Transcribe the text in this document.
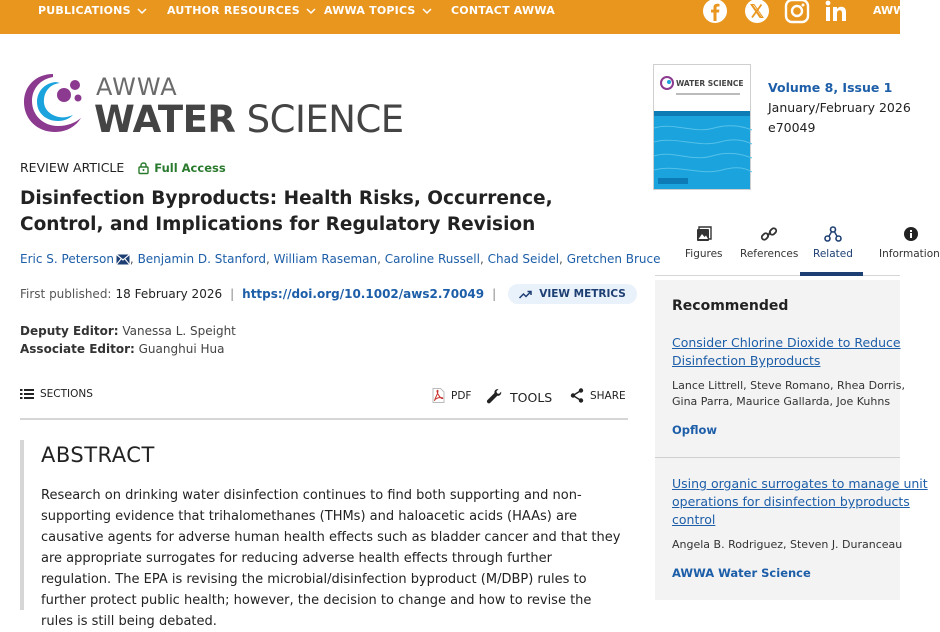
PUBLICATIONS	AUTHOR RESOURCES AWWA TOPICS	CONTACT AWWA	AWW
AWWA
WATER SCIENCE
REVIEW ARTICLE	Full Access
Disinfection Byproducts: Health Risks, Occurrence, Control, and Implications for Regulatory Revision
Eric S. Peterson , Benjamin D. Stanford, William Raseman, Caroline Russell, Chad Seidel, Gretchen Bruce
First published: 18 February 2026 | https://doi.org/10.1002/aws2.70049 |	VIEW METRICS
Deputy Editor: Vanessa L. Speight
Associate Editor: Guanghui Hua
SECTIONS	PDF	TOOLS	SHARE
ABSTRACT

Research on drinking water disinfection continues to find both supporting and non-supporting evidence that trihalomethanes (THMs) and haloacetic acids (HAAs) are causative agents for adverse human health effects such as bladder cancer and that they are appropriate surrogates for reducing adverse health effects through further regulation. The EPA is revising the microbial/disinfection byproduct (M/DBP) rules to further protect public health; however, the decision to change and how to revise the rules is still being debated.

WATER SCIENCE Volume 8, Issue 1
January/February 2026
e70049
Figures References Related Information
Recommended
Consider Chlorine Dioxide to Reduce
Disinfection Byproducts
Lance Littrell, Steve Romano, Rhea Dorris,
Gina Parra, Maurice Gallarda, Joe Kuhns
Opflow
Using organic surrogates to manage unit
operations for disinfection byproducts
control
Angela B. Rodriguez, Steven J. Duranceau
AWWA Water Science
